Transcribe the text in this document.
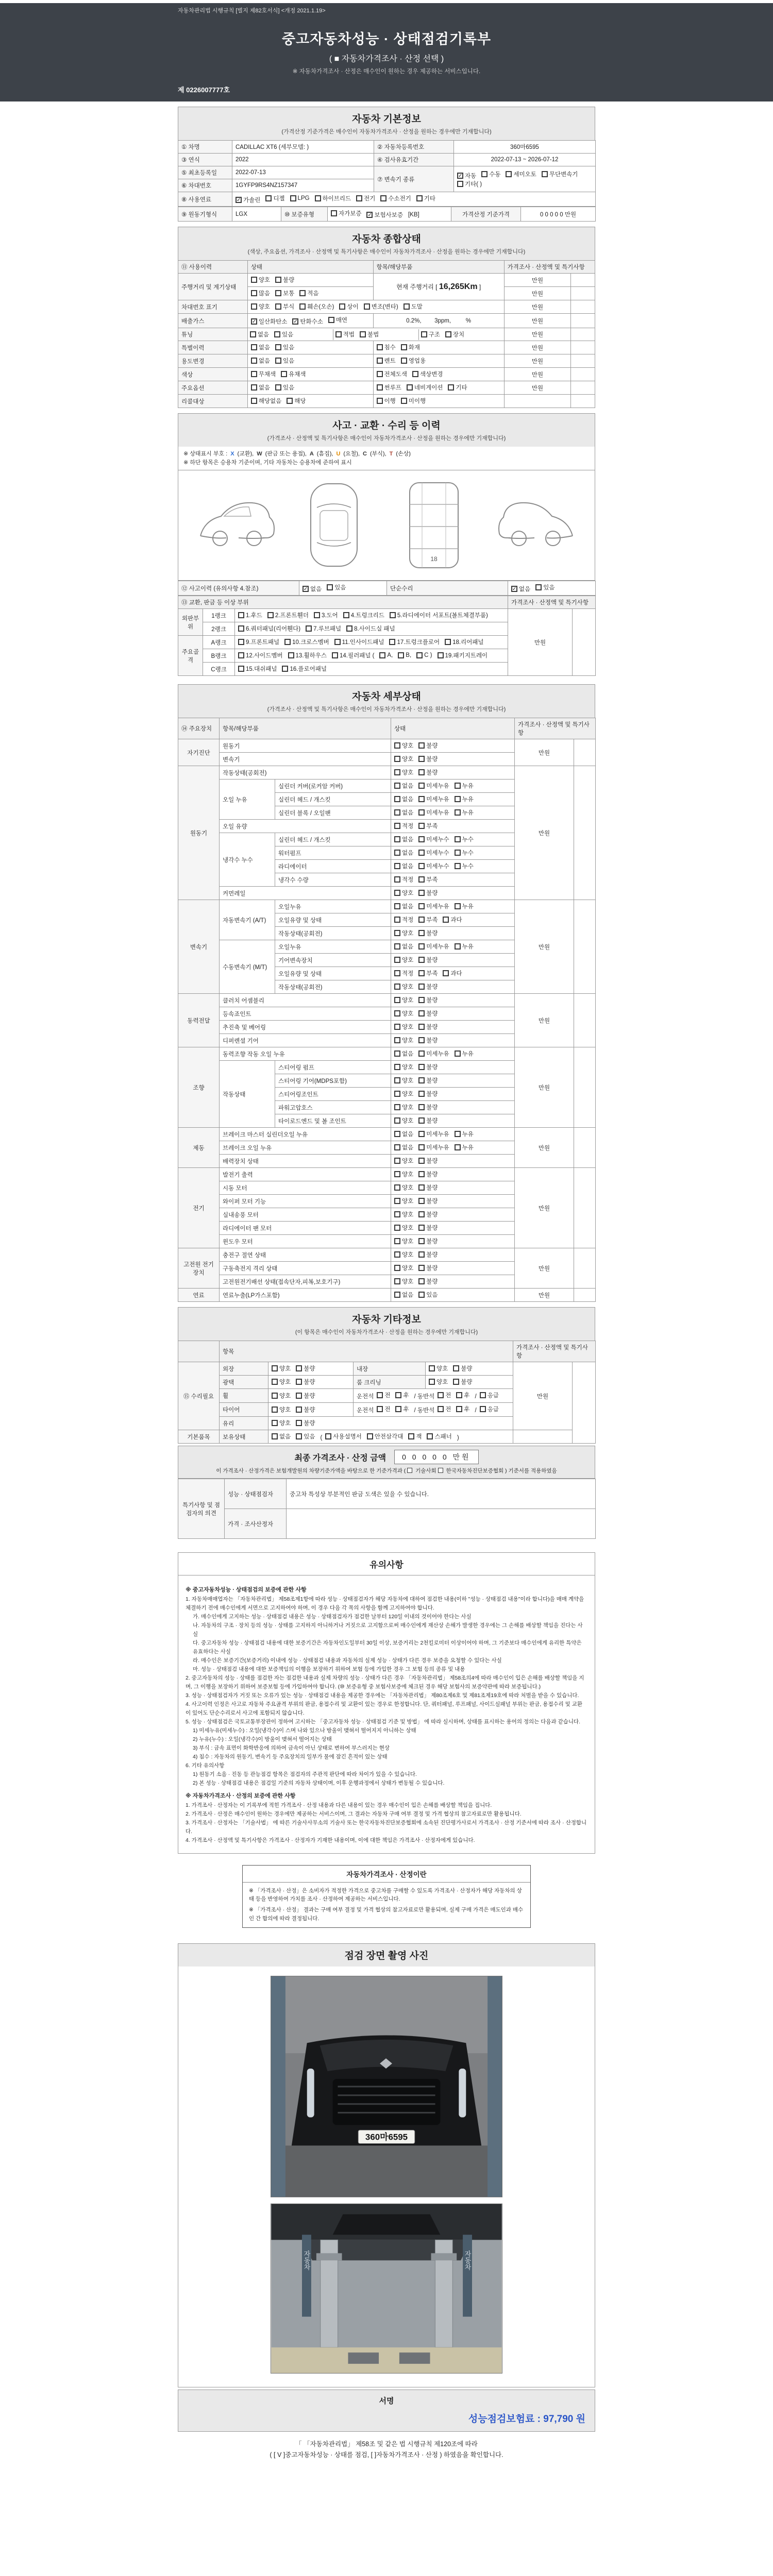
자동차관리법 시행규칙 [별지 제82호서식] <개정 2021.1.19>
중고자동차성능 · 상태점검기록부
( ■ 자동차가격조사 · 산정 선택 )
※ 자동차가격조사 · 산정은 매수인이 원하는 경우 제공하는 서비스입니다.
제 0226007777호
자동차 기본정보
(가격산정 기준가격은 매수인이 자동차가격조사 · 산정을 원하는 경우에만 기재합니다)
① 차명	CADILLAC XT6 (세부모델: )	② 자동차등록번호	360마6595
③ 연식	2022	④ 검사유효기간	2022-07-13 ~ 2026-07-12
⑤ 최초등록일	2022-07-13	⑦ 변속기 종류	
✓ 자동 수동 세미오토 무단변속기
기타( )

⑥ 차대번호	1GYFP9RS4NZ157347		
⑧ 사용연료	✓ 가솔린 디젤 LPG 하이브리드 전기 수소전기 기타
⑨ 원동기형식	LGX	⑩ 보증유형	자가보증 ✓ 보험사보증 [KB]	가격산정 기준가격	0 0 0 0 0 만원
자동차 종합상태
(색상, 주요옵션, 가격조사 · 산정액 및 특기사항은 매수인이 자동차가격조사 · 산정을 원하는 경우에만 기재합니다)
⑪ 사용이력	상태	항목/해당부품	가격조사 · 산정액 및 특기사항	
주행거리 및 계기상태	양호 불량	현재 주행거리 [ 16,265Km ]	만원	

	많음 보통 적음		만원	
차대번호 표기	양호 부식 훼손(오손) 상이 변조(변타) 도말	만원	
배출가스	✓ 일산화탄소 ✓ 탄화수소 매연	0.2%,        3ppm,         %	만원	
튜닝	없음 있음	적법 불법	구조 장치	만원	
특별이력	없음 있음	침수 화재	만원	
용도변경	없음 있음	렌트 영업용	만원	
색상	무채색 유채색	전체도색 색상변경	만원	
주요옵션	없음 있음	썬루프 네비게이션 기타	만원	
리콜대상	해당없음 해당	이행 미이행		

사고 · 교환 · 수리 등 이력
(가격조사 · 산정액 및 특기사항은 매수인이 자동차가격조사 · 산정을 원하는 경우에만 기재합니다)
※ 상태표시 부호 : X (교환), W (판금 또는 용접), A (흠집), U (요철), C (부식), T (손상)
※ 하단 항목은 승용차 기준이며, 기타 자동차는 승용차에 준하여 표시
18
⑫ 사고이력 (유의사항 4.참조)	✓ 없음 있음	단순수리	✓ 없음 있음
⑬ 교환, 판금 등 이상 부위			가격조사 · 산정액 및 특기사항	
외판부위	1랭크	1.후드 2.프론트휀더 3.도어 4.트렁크리드 5.라디에이터 서포트(볼트체결부품)	만원	
	2랭크	6.쿼터패널(리어휀다) 7.루브패널 8.사이드실 패널		

주요골격	A랭크	9.프론트패널 10.크로스멤버 11.인사이드패널 17.트렁크플로어 18.리어패널		

B랭크	12.사이드멤버 13.휠하우스 14.필러패널 ( A, B, C ) 19.패키지트레이

	C랭크	15.대쉬패널 16.플로어패널		
자동차 세부상태
(가격조사 · 산정액 및 특기사항은 매수인이 자동차가격조사 · 산정을 원하는 경우에만 기재합니다)
⑭ 주요장치	항목/해당부품		상태	가격조사 · 산정액 및 특기사항	
자기진단	원동기		양호 불량	만원	
	변속기		양호 불량		

원동기	작동상태(공회전)		양호 불량	만원	
	오일 누유	실린더 커버(로커암 커버)	없음 미세누유 누유		

		실린더 헤드 / 개스킷	없음 미세누유 누유		

		실린더 블록 / 오일팬	없음 미세누유 누유		

	오일 유량		적정 부족		

	냉각수 누수	실린더 헤드 / 개스킷	없음 미세누수 누수		

		워터펌프	없음 미세누수 누수		

		라디에이터	없음 미세누수 누수		

		냉각수 수량	적정 부족		

	커먼레일		양호 불량		

변속기	자동변속기 (A/T)	오일누유	없음 미세누유 누유	만원	
		오일유량 및 상태	적정 부족 과다		

		작동상태(공회전)	양호 불량		

	수동변속기 (M/T)	오일누유	없음 미세누유 누유		

		기어변속장치	양호 불량		

		오일유량 및 상태	적정 부족 과다		

		작동상태(공회전)	양호 불량		

동력전달	클러치 어셈블리		양호 불량	만원	
	등속죠인트		양호 불량		

	추진축 및 베어링		양호 불량		

	디퍼렌셜 기어		양호 불량		

조향	동력조향 작동 오일 누유		없음 미세누유 누유	만원	
	작동상태	스티어링 펌프	양호 불량		

		스티어링 기어(MDPS포함)	양호 불량		

		스티어링조인트	양호 불량		

		파워고압호스	양호 불량		

		타이로드엔드 및 볼 조인트	양호 불량		

제동	브레이크 마스터 실린더오일 누유		없음 미세누유 누유	만원	
	브레이크 오일 누유		없음 미세누유 누유		

	배력장치 상태		양호 불량		

전기	발전기 출력		양호 불량	만원	
	시동 모터		양호 불량		

	와이퍼 모터 기능		양호 불량		

	실내송풍 모터		양호 불량		

	라디에이터 팬 모터		양호 불량		

	윈도우 모터		양호 불량		

고전원 전기장치	충전구 절연 상태		양호 불량	만원	
	구동축전지 격리 상태		양호 불량		

	고전원전기배선 상태(접속단자,피복,보호기구)		양호 불량		

연료	연료누출(LP가스포함)		없음 있음	만원	
자동차 기타정보
(이 항목은 매수인이 자동차가격조사 · 산정을 원하는 경우에만 기재합니다)
	항목				가격조사 · 산정액 및 특기사항	
⑮ 수리필요	외장	양호 불량	내장	양호 불량	만원	
	광택	양호 불량	룸 크리닝	양호 불량		

휠	양호 불량	운전석 전 후 / 동반석 전 후 / 응급

타이어	양호 불량	운전석 전 후 / 동반석 전 후 / 응급

	유리	양호 불량				

기본품목	보유상태	없음 있음 ( 사용설명서 안전삼각대 잭 스패너 )	
최종 가격조사 · 산정 금액	0 0 0 0 0 만원
이 가격조사 · 산정가격은 보험개발원의 차량기준가액을 바탕으로 한 기준가격과 ( 기술사회 한국자동차진단보증협회 ) 기준서를 적용하였음
특기사항 및 점검자의 의견	성능 · 상태점검자	중고차 특성상 부분적인 판금 도색은 있을 수 있습니다.
	가격 · 조사산정자	
유의사항
※ 중고자동차성능 · 상태점검의 보증에 관한 사항
1. 자동차매매업자는 「자동차관리법」 제58조제1항에 따라 성능 · 상태점검자가 해당 자동차에 대하여 점검한 내용(이하 "성능 · 상태점검 내용"이라 합니다)을 매매 계약을 체결하기 전에 매수인에게 서면으로 고지하여야 하며, 이 경우 다음 각 목의 사항을 함께 고지하여야 합니다.
가. 매수인에게 고지하는 성능 · 상태점검 내용은 성능 · 상태점검자가 점검한 날부터 120일 이내의 것이어야 한다는 사실
나. 자동차의 구조 · 장치 등의 성능 · 상태를 고지하지 아니하거나 거짓으로 고지함으로써 매수인에게 재산상 손해가 발생한 경우에는 그 손해를 배상할 책임을 진다는 사실
다. 중고자동차 성능 · 상태점검 내용에 대한 보증기간은 자동차인도일부터 30일 이상, 보증거리는 2천킬로미터 이상이어야 하며, 그 기준보다 매수인에게 유리한 특약은 유효하다는 사실
라. 매수인은 보증기간(보증거리) 이내에 성능 · 상태점검 내용과 자동차의 실제 성능 · 상태가 다른 경우 보증을 요청할 수 있다는 사실
마. 성능 · 상태점검 내용에 대한 보증책임의 이행을 보장하기 위하여 보험 등에 가입한 경우 그 보험 등의 종류 및 내용
2. 중고자동차의 성능 · 상태를 점검한 자는 점검한 내용과 실제 차량의 성능 · 상태가 다른 경우 「자동차관리법」 제58조의4에 따라 매수인이 입은 손해를 배상할 책임을 지며, 그 이행을 보장하기 위하여 보증보험 등에 가입하여야 합니다. (⑩ 보증유형 중 보험사보증에 체크된 경우 해당 보험사의 보증약관에 따라 보증됩니다.)
3. 성능 · 상태점검자가 거짓 또는 오류가 있는 성능 · 상태점검 내용을 제공한 경우에는 「자동차관리법」 제80조제6호 및 제81조제19호에 따라 처벌을 받을 수 있습니다.
4. 사고이력 인정은 사고로 자동차 주요골격 부위의 판금, 용접수리 및 교환이 있는 경우로 한정합니다. 단, 쿼터패널, 루프패널, 사이드실패널 부위는 판금, 용접수리 및 교환이 있어도 단순수리로서 사고에 포함되지 않습니다.
5. 성능 · 상태점검은 국토교통부장관이 정하여 고시하는 「중고자동차 성능 · 상태점검 기준 및 방법」 에 따라 실시하며, 상태를 표시하는 용어의 정의는 다음과 같습니다.
1) 미세누유(미세누수) : 오일(냉각수)이 스며 나와 있으나 방울이 맺혀서 떨어지지 아니하는 상태
2) 누유(누수) : 오일(냉각수)이 방울이 맺혀서 떨어지는 상태
3) 부식 : 금속 표면이 화학반응에 의하여 금속이 아닌 상태로 변하여 부스러지는 현상
4) 침수 : 자동차의 원동기, 변속기 등 주요장치의 일부가 물에 잠긴 흔적이 있는 상태
6. 기타 유의사항
1) 원동기 소음 · 진동 등 관능점검 항목은 점검자의 주관적 판단에 따라 차이가 있을 수 있습니다.
2) 본 성능 · 상태점검 내용은 점검일 기준의 자동차 상태이며, 이후 운행과정에서 상태가 변동될 수 있습니다.
※ 자동차가격조사 · 산정의 보증에 관한 사항
1. 가격조사 · 산정자는 이 기록부에 적힌 가격조사 · 산정 내용과 다른 내용이 있는 경우 매수인이 입은 손해를 배상할 책임을 집니다.
2. 가격조사 · 산정은 매수인이 원하는 경우에만 제공하는 서비스이며, 그 결과는 자동차 구매 여부 결정 및 가격 협상의 참고자료로만 활용됩니다.
3. 가격조사 · 산정자는 「기술사법」 에 따른 기술사사무소의 기술사 또는 한국자동차진단보증협회에 소속된 진단평가사로서 가격조사 · 산정 기준서에 따라 조사 · 산정합니다.
4. 가격조사 · 산정액 및 특기사항은 가격조사 · 산정자가 기재한 내용이며, 이에 대한 책임은 가격조사 · 산정자에게 있습니다.
자동차가격조사 · 산정이란
※ 「가격조사 · 산정」은 소비자가 적정한 가격으로 중고차를 구매할 수 있도록 가격조사 · 산정자가 해당 자동차의 상태 등을 반영하여 가치를 조사 · 산정하여 제공하는 서비스입니다.
※ 「가격조사 · 산정」 결과는 구매 여부 결정 및 가격 협상의 참고자료로만 활용되며, 실제 구매 가격은 매도인과 매수인 간 합의에 따라 결정됩니다.
점검 장면 촬영 사진
360마6595
자동차	자동차
서명
성능점검보험료 : 97,790 원
「 「자동차관리법」 제58조 및 같은 법 시행규칙 제120조에 따라
( [ V ]중고자동차성능 · 상태를 점검, [ ]자동차가격조사 · 산정 ) 하였음을 확인합니다.
